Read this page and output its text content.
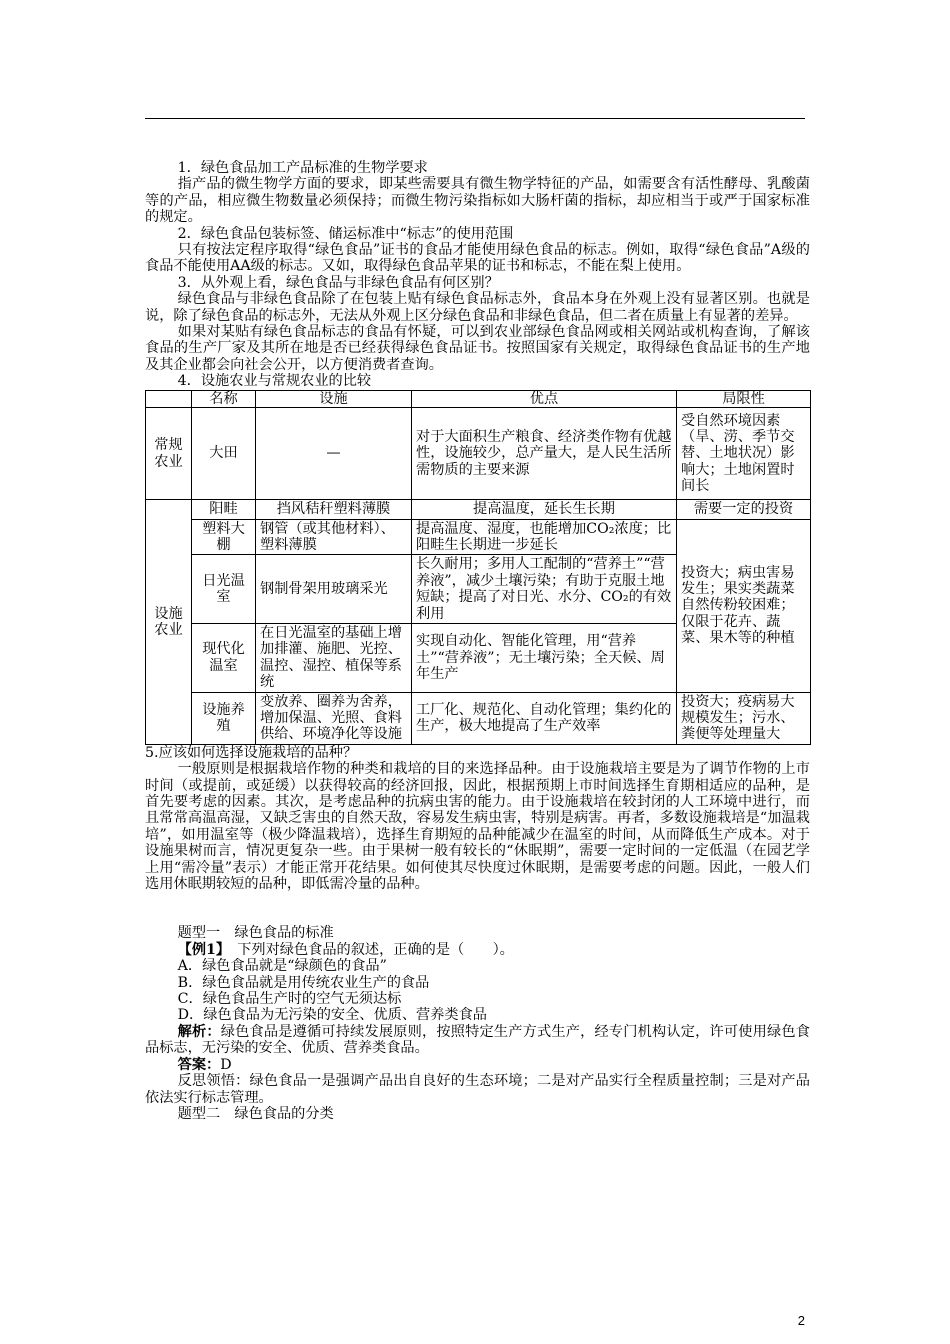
1．绿色食品加工产品标准的生物学要求

指产品的微生物学方面的要求，即某些需要具有微生物学特征的产品，如需要含有活性酵母、乳酸菌等的产品，相应微生物数量必须保持；而微生物污染指标如大肠杆菌的指标，却应相当于或严于国家标准的规定。

2．绿色食品包装标签、储运标准中“标志”的使用范围

只有按法定程序取得“绿色食品”证书的食品才能使用绿色食品的标志。例如，取得“绿色食品”A级的食品不能使用AA级的标志。又如，取得绿色食品苹果的证书和标志，不能在梨上使用。

3．从外观上看，绿色食品与非绿色食品有何区别？

绿色食品与非绿色食品除了在包装上贴有绿色食品标志外，食品本身在外观上没有显著区别。也就是说，除了绿色食品的标志外，无法从外观上区分绿色食品和非绿色食品，但二者在质量上有显著的差异。

如果对某贴有绿色食品标志的食品有怀疑，可以到农业部绿色食品网或相关网站或机构查询，了解该食品的生产厂家及其所在地是否已经获得绿色食品证书。按照国家有关规定，取得绿色食品证书的生产地及其企业都会向社会公开，以方便消费者查询。

4．设施农业与常规农业的比较

	名称	设施	优点	局限性
常规农业	大田	—	对于大面积生产粮食、经济类作物有优越性，设施较少，总产量大，是人民生活所需物质的主要来源	受自然环境因素（旱、涝、季节交替、土地状况）影响大；土地闲置时间长
设施农业	阳畦	挡风秸秆塑料薄膜	提高温度，延长生长期	需要一定的投资
	塑料大棚	钢管（或其他材料）、塑料薄膜	提高温度、湿度，也能增加CO₂浓度；比阳畦生长期进一步延长	投资大；病虫害易发生；果实类蔬菜自然传粉较困难；仅限于花卉、蔬菜、果木等的种植
	日光温室	钢制骨架用玻璃采光	长久耐用；多用人工配制的“营养土”“营养液”，减少土壤污染；有助于克服土地短缺；提高了对日光、水分、CO₂的有效利用	
	现代化温室	在日光温室的基础上增加排灌、施肥、光控、温控、湿控、植保等系统	实现自动化、智能化管理，用“营养土”“营养液”；无土壤污染；全天候、周年生产	
	设施养殖	变放养、圈养为舍养，增加保温、光照、食料供给、环境净化等设施	工厂化、规范化、自动化管理；集约化的生产，极大地提高了生产效率	投资大；疫病易大规模发生；污水、粪便等处理量大

5.应该如何选择设施栽培的品种？

一般原则是根据栽培作物的种类和栽培的目的来选择品种。由于设施栽培主要是为了调节作物的上市时间（或提前，或延缓）以获得较高的经济回报，因此，根据预期上市时间选择生育期相适应的品种，是首先要考虑的因素。其次，是考虑品种的抗病虫害的能力。由于设施栽培在较封闭的人工环境中进行，而且常常高温高湿，又缺乏害虫的自然天敌，容易发生病虫害，特别是病害。再者，多数设施栽培是“加温栽培”，如用温室等（极少降温栽培），选择生育期短的品种能减少在温室的时间，从而降低生产成本。对于设施果树而言，情况更复杂一些。由于果树一般有较长的“休眠期”，需要一定时间的一定低温（在园艺学上用“需冷量”表示）才能正常开花结果。如何使其尽快度过休眠期，是需要考虑的问题。因此，一般人们选用休眠期较短的品种，即低需冷量的品种。

题型一　绿色食品的标准

【例1】　 下列对绿色食品的叙述，正确的是（　　）。

A．绿色食品就是“绿颜色的食品”

B．绿色食品就是用传统农业生产的食品

C．绿色食品生产时的空气无须达标

D．绿色食品为无污染的安全、优质、营养类食品

解析：绿色食品是遵循可持续发展原则，按照特定生产方式生产，经专门机构认定，许可使用绿色食品标志，无污染的安全、优质、营养类食品。

答案：D

反思领悟：绿色食品一是强调产品出自良好的生态环境；二是对产品实行全程质量控制；三是对产品依法实行标志管理。

题型二　绿色食品的分类

2
